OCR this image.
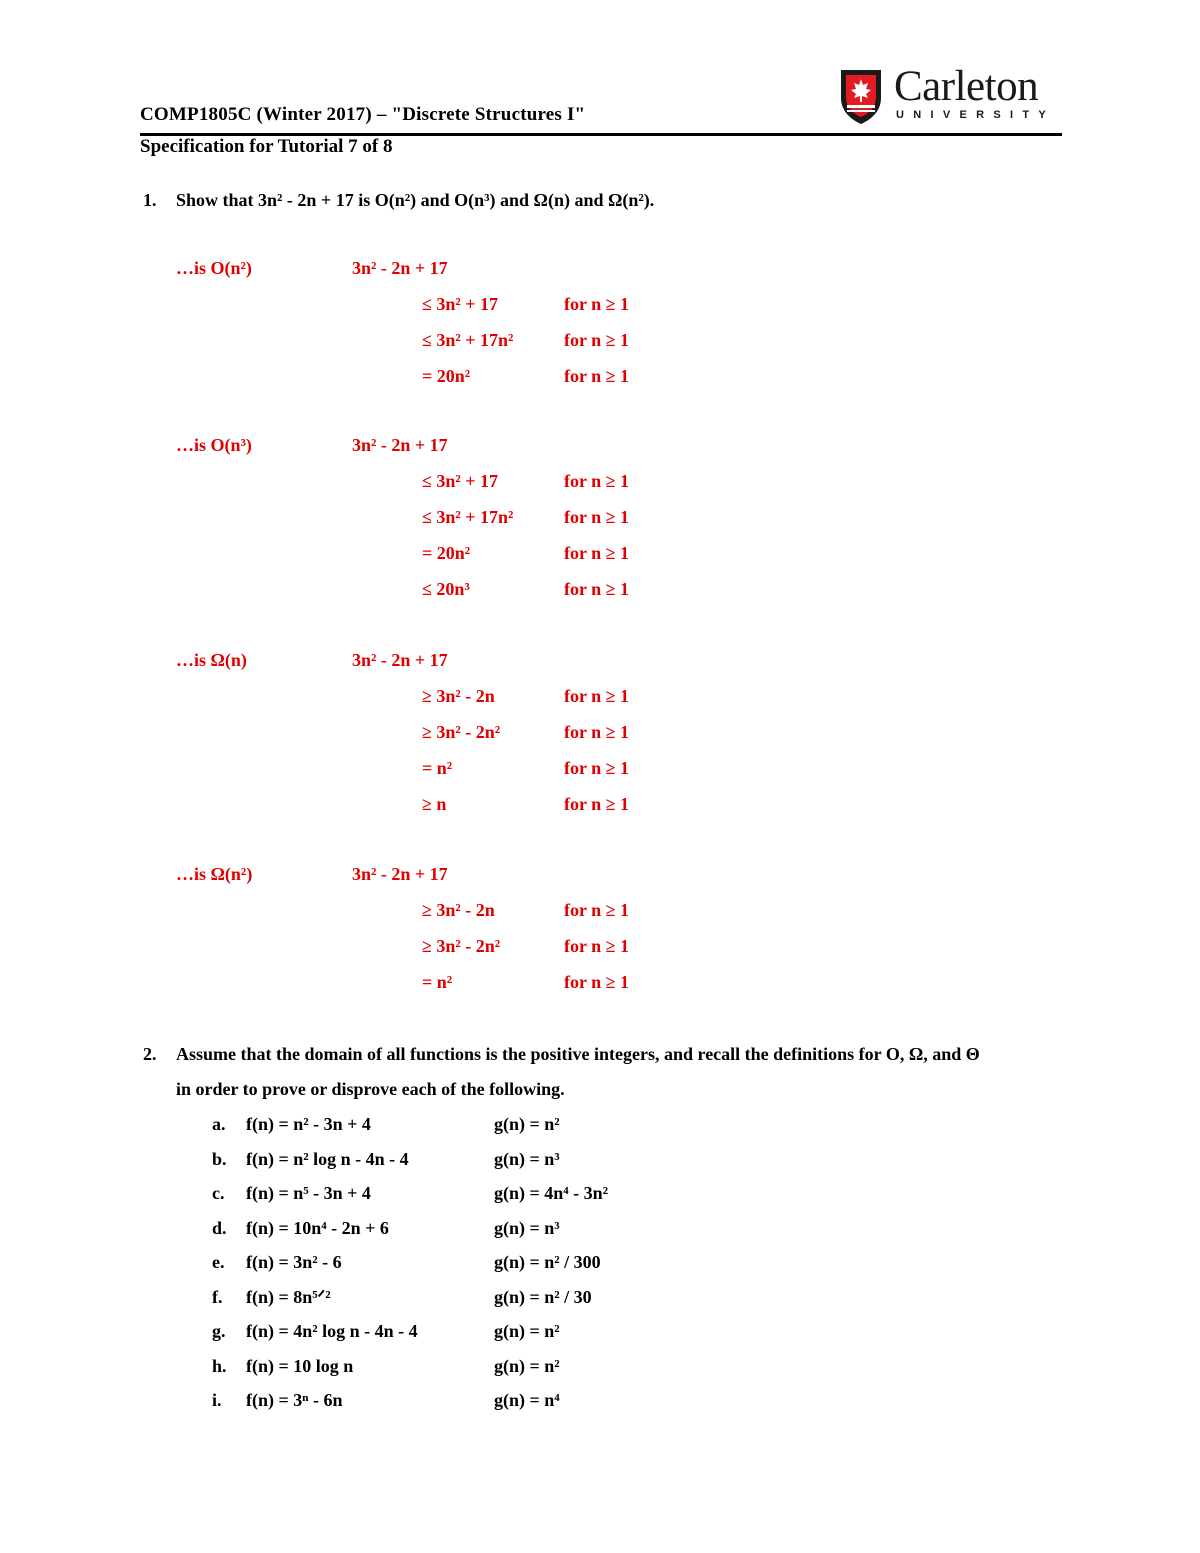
Carleton
UNIVERSITY
COMP1805C (Winter 2017) – "Discrete Structures I"
Specification for Tutorial 7 of 8
1. Show that 3n² - 2n + 17 is O(n²) and O(n³) and Ω(n) and Ω(n²).
…is O(n²)	3n² - 2n + 17
≤ 3n² + 17	for n ≥ 1
≤ 3n² + 17n²	for n ≥ 1
= 20n²	for n ≥ 1
…is O(n³)	3n² - 2n + 17
≤ 3n² + 17	for n ≥ 1
≤ 3n² + 17n²	for n ≥ 1
= 20n²	for n ≥ 1
≤ 20n³	for n ≥ 1
…is Ω(n)	3n² - 2n + 17
≥ 3n² - 2n	for n ≥ 1
≥ 3n² - 2n²	for n ≥ 1
= n²	for n ≥ 1
≥ n	for n ≥ 1
…is Ω(n²)	3n² - 2n + 17
≥ 3n² - 2n	for n ≥ 1
≥ 3n² - 2n²	for n ≥ 1
= n²	for n ≥ 1
2. Assume that the domain of all functions is the positive integers, and recall the definitions for O, Ω, and Θ
in order to prove or disprove each of the following.
a. f(n) = n² - 3n + 4	g(n) = n²
b. f(n) = n² log n - 4n - 4	g(n) = n³
c. f(n) = n⁵ - 3n + 4	g(n) = 4n⁴ - 3n²
d. f(n) = 10n⁴ - 2n + 6	g(n) = n³
e. f(n) = 3n² - 6	g(n) = n² / 300
f. f(n) = 8n⁵ᐟ²	g(n) = n² / 30
g. f(n) = 4n² log n - 4n - 4	g(n) = n²
h. f(n) = 10 log n	g(n) = n²
i. f(n) = 3ⁿ - 6n	g(n) = n⁴
